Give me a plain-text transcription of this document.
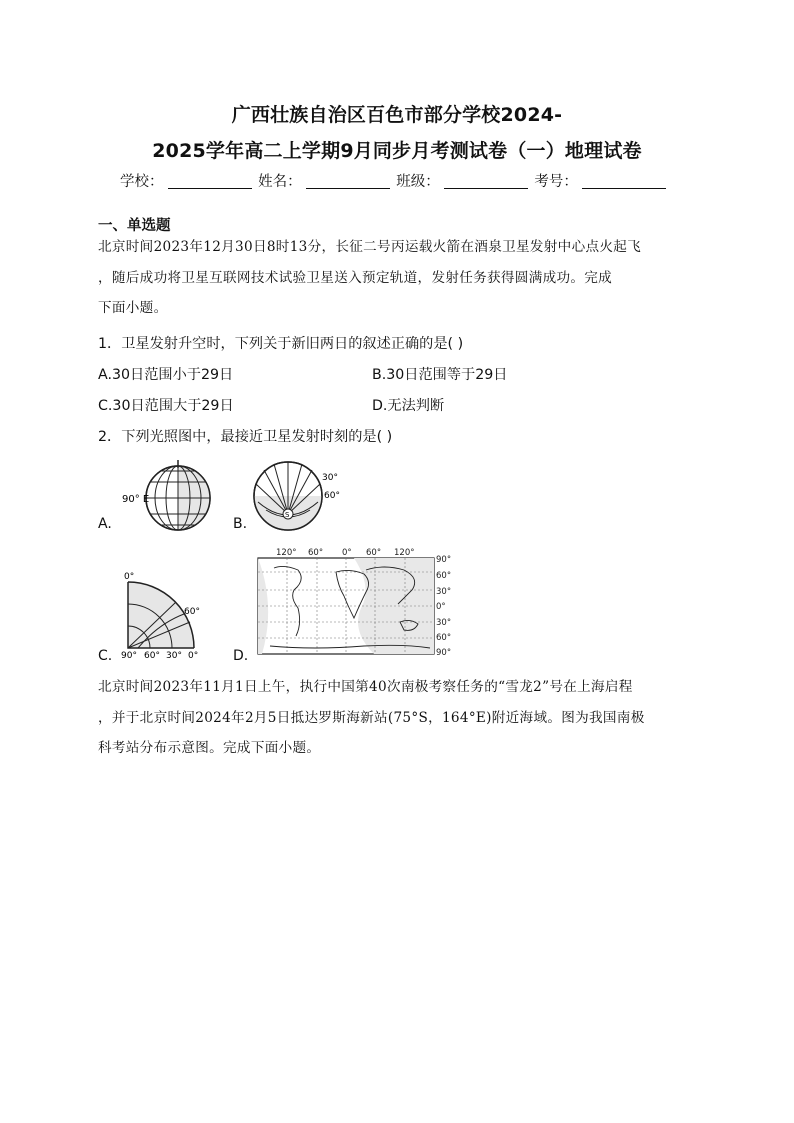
广西壮族自治区百色市部分学校2024-
2025学年高二上学期9月同步月考测试卷（一）地理试卷
学校：	姓名：	班级：	考号：
一、单选题
北京时间2023年12月30日8时13分，长征二号丙运载火箭在酒泉卫星发射中心点火起飞
，随后成功将卫星互联网技术试验卫星送入预定轨道，发射任务获得圆满成功。完成
下面小题。
1．卫星发射升空时，下列关于新旧两日的叙述正确的是( )
A.30日范围小于29日	B.30日范围等于29日
C.30日范围大于29日	D.无法判断
2．下列光照图中，最接近卫星发射时刻的是( )
A.
90° E
B.
S
30°
60°
C.
0°
60°
90° 60° 30° 0° D.
120° 60° 0° 60° 120°
90°
60°
30°
0°
30°
60°
90°
北京时间2023年11月1日上午，执行中国第40次南极考察任务的“雪龙2”号在上海启程
，并于北京时间2024年2月5日抵达罗斯海新站(75°S，164°E)附近海域。图为我国南极
科考站分布示意图。完成下面小题。
